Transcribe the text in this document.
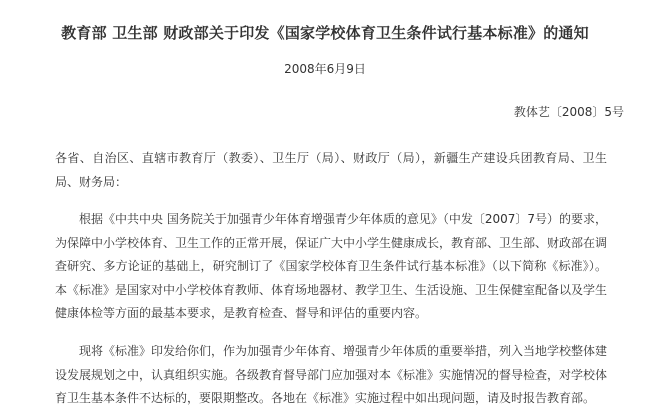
教育部 卫生部 财政部关于印发《国家学校体育卫生条件试行基本标准》的通知
2008年6月9日
教体艺〔2008〕5号
各省、自治区、直辖市教育厅（教委）、卫生厅（局）、财政厅（局），新疆生产建设兵团教育局、卫生局、财务局：
根据《中共中央 国务院关于加强青少年体育增强青少年体质的意见》（中发〔2007〕7号）的要求，为保障中小学校体育、卫生工作的正常开展，保证广大中小学生健康成长，教育部、卫生部、财政部在调查研究、多方论证的基础上，研究制订了《国家学校体育卫生条件试行基本标准》（以下简称《标准》）。本《标准》是国家对中小学校体育教师、体育场地器材、教学卫生、生活设施、卫生保健室配备以及学生健康体检等方面的最基本要求，是教育检查、督导和评估的重要内容。
现将《标准》印发给你们，作为加强青少年体育、增强青少年体质的重要举措，列入当地学校整体建设发展规划之中，认真组织实施。各级教育督导部门应加强对本《标准》实施情况的督导检查，对学校体育卫生基本条件不达标的，要限期整改。各地在《标准》实施过程中如出现问题，请及时报告教育部。
